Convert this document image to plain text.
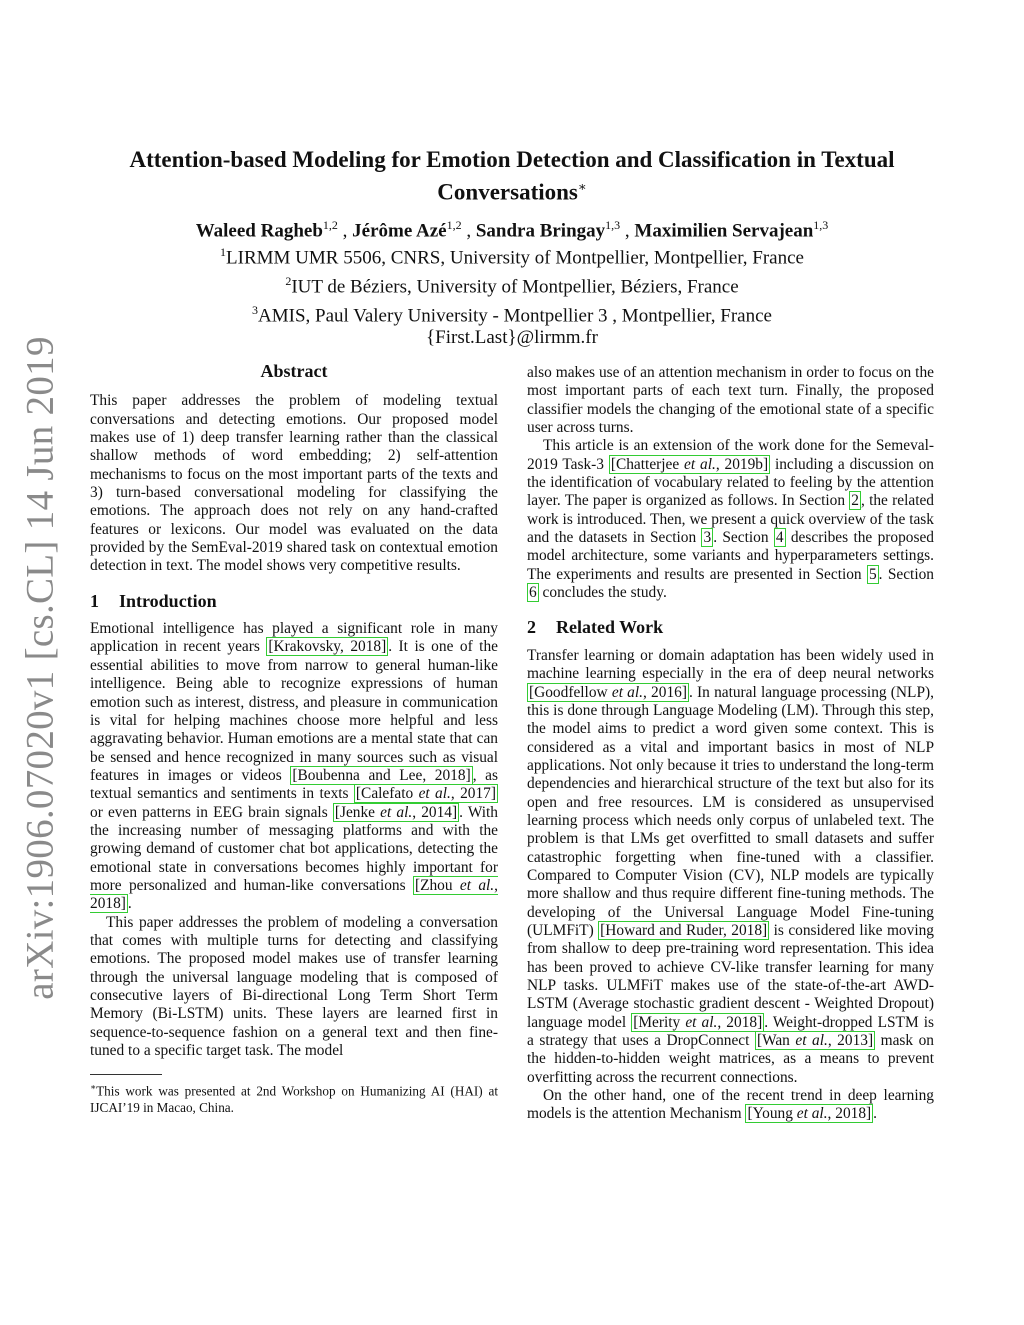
arXiv:1906.07020v1 [cs.CL] 14 Jun 2019
Attention-based Modeling for Emotion Detection and Classification in Textual
Conversations∗
Waleed Ragheb$^{1,2}$ , Jérôme Azé$^{1,2}$ , Sandra Bringay$^{1,3}$ , Maximilien Servajean$^{1,3}$
$^1$LIRMM UMR 5506, CNRS, University of Montpellier, Montpellier, France
$^2$IUT de Béziers, University of Montpellier, Béziers, France
$^3$AMIS, Paul Valery University - Montpellier 3 , Montpellier, France
{First.Last}@lirmm.fr
Abstract

This paper addresses the problem of modeling textual conversations and detecting emotions. Our proposed model makes use of 1) deep transfer learning rather than the classical shallow methods of word embedding; 2) self-attention mechanisms to focus on the most important parts of the texts and 3) turn-based conversational modeling for classifying the emotions. The approach does not rely on any hand-crafted features or lexicons. Our model was evaluated on the data provided by the SemEval-2019 shared task on contextual emotion detection in text. The model shows very competitive results.

1 Introduction

Emotional intelligence has played a significant role in many application in recent years [Krakovsky, 2018] . It is one of the essential abilities to move from narrow to general human-like intelligence. Being able to recognize expressions of human emotion such as interest, distress, and pleasure in communication is vital for helping machines choose more helpful and less aggravating behavior. Human emotions are a mental state that can be sensed and hence recognized in many sources such as visual features in images or videos [Boubenna and Lee, 2018] , as textual semantics and sentiments in texts [Calefato et al., 2017] or even patterns in EEG brain signals [Jenke et al., 2014] . With the increasing number of messaging platforms and with the growing demand of customer chat bot applications, detecting the emotional state in conversations becomes highly important for more personalized and human-like conversations [Zhou et al., 2018] .

This paper addresses the problem of modeling a conversation that comes with multiple turns for detecting and classifying emotions. The proposed model makes use of transfer learning through the universal language modeling that is composed of consecutive layers of Bi-directional Long Term Short Term Memory (Bi-LSTM) units. These layers are learned first in sequence-to-sequence fashion on a general text and then fine-tuned to a specific target task. The model

∗This work was presented at 2nd Workshop on Humanizing AI (HAI) at IJCAI’19 in Macao, China.

also makes use of an attention mechanism in order to focus on the most important parts of each text turn. Finally, the proposed classifier models the changing of the emotional state of a specific user across turns.

This article is an extension of the work done for the Semeval-2019 Task-3 [Chatterjee et al., 2019b] including a discussion on the identification of vocabulary related to feeling by the attention layer. The paper is organized as follows. In Section 2 , the related work is introduced. Then, we present a quick overview of the task and the datasets in Section 3 . Section 4 describes the proposed model architecture, some variants and hyperparameters settings. The experiments and results are presented in Section 5 . Section 6 concludes the study.

2 Related Work

Transfer learning or domain adaptation has been widely used in machine learning especially in the era of deep neural networks [Goodfellow et al., 2016] . In natural language processing (NLP), this is done through Language Modeling (LM). Through this step, the model aims to predict a word given some context. This is considered as a vital and important basics in most of NLP applications. Not only because it tries to understand the long-term dependencies and hierarchical structure of the text but also for its open and free resources. LM is considered as unsupervised learning process which needs only corpus of unlabeled text. The problem is that LMs get overfitted to small datasets and suffer catastrophic forgetting when fine-tuned with a classifier. Compared to Computer Vision (CV), NLP models are typically more shallow and thus require different fine-tuning methods. The developing of the Universal Language Model Fine-tuning (ULMFiT) [Howard and Ruder, 2018] is considered like moving from shallow to deep pre-training word representation. This idea has been proved to achieve CV-like transfer learning for many NLP tasks. ULMFiT makes use of the state-of-the-art AWD-LSTM (Average stochastic gradient descent - Weighted Dropout) language model [Merity et al., 2018] . Weight-dropped LSTM is a strategy that uses a DropConnect [Wan et al., 2013] mask on the hidden-to-hidden weight matrices, as a means to prevent overfitting across the recurrent connections.

On the other hand, one of the recent trend in deep learning models is the attention Mechanism [Young et al., 2018] .
